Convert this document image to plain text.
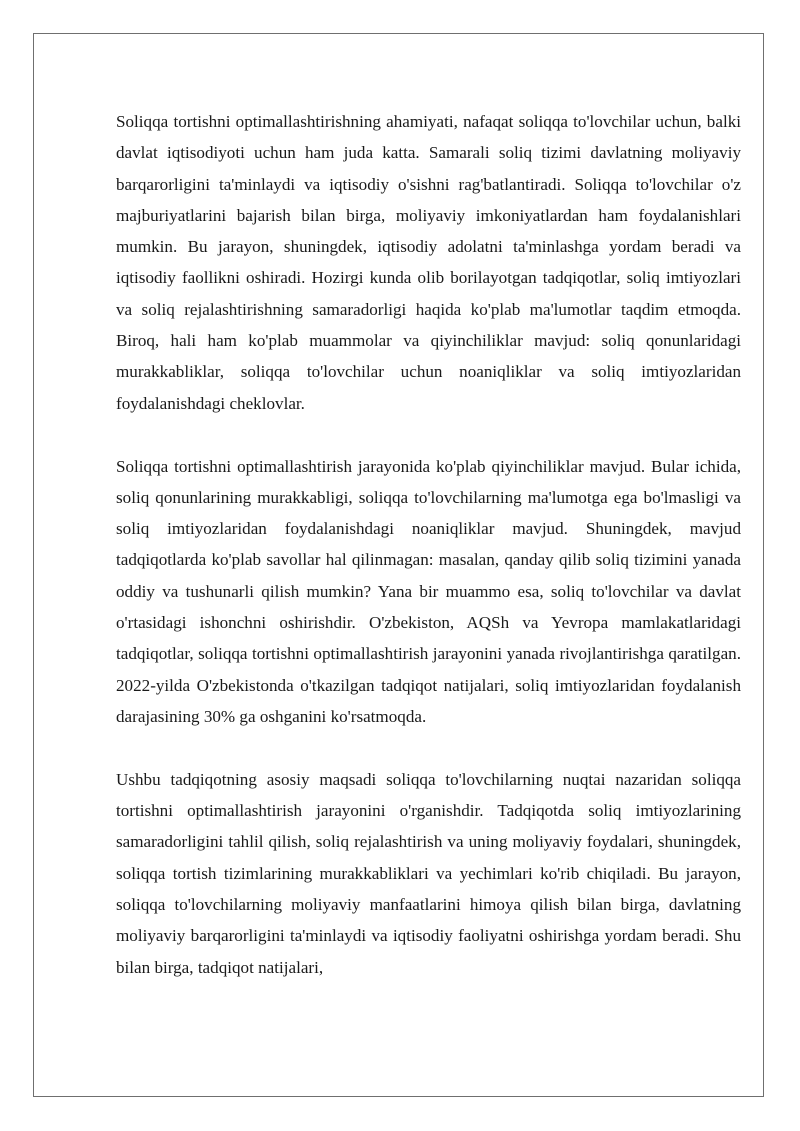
Soliqqa tortishni optimallashtirishning ahamiyati, nafaqat soliqqa to'lovchilar uchun, balki davlat iqtisodiyoti uchun ham juda katta. Samarali soliq tizimi davlatning moliyaviy barqarorligini ta'minlaydi va iqtisodiy o'sishni rag'batlantiradi. Soliqqa to'lovchilar o'z majburiyatlarini bajarish bilan birga, moliyaviy imkoniyatlardan ham foydalanishlari mumkin. Bu jarayon, shuningdek, iqtisodiy adolatni ta'minlashga yordam beradi va iqtisodiy faollikni oshiradi. Hozirgi kunda olib borilayotgan tadqiqotlar, soliq imtiyozlari va soliq rejalashtirishning samaradorligi haqida ko'plab ma'lumotlar taqdim etmoqda. Biroq, hali ham ko'plab muammolar va qiyinchiliklar mavjud: soliq qonunlaridagi murakkabliklar, soliqqa to'lovchilar uchun noaniqliklar va soliq imtiyozlaridan foydalanishdagi cheklovlar.

Soliqqa tortishni optimallashtirish jarayonida ko'plab qiyinchiliklar mavjud. Bular ichida, soliq qonunlarining murakkabligi, soliqqa to'lovchilarning ma'lumotga ega bo'lmasligi va soliq imtiyozlaridan foydalanishdagi noaniqliklar mavjud. Shuningdek, mavjud tadqiqotlarda ko'plab savollar hal qilinmagan: masalan, qanday qilib soliq tizimini yanada oddiy va tushunarli qilish mumkin? Yana bir muammo esa, soliq to'lovchilar va davlat o'rtasidagi ishonchni oshirishdir. O'zbekiston, AQSh va Yevropa mamlakatlaridagi tadqiqotlar, soliqqa tortishni optimallashtirish jarayonini yanada rivojlantirishga qaratilgan. 2022-yilda O'zbekistonda o'tkazilgan tadqiqot natijalari, soliq imtiyozlaridan foydalanish darajasining 30% ga oshganini ko'rsatmoqda.

Ushbu tadqiqotning asosiy maqsadi soliqqa to'lovchilarning nuqtai nazaridan soliqqa tortishni optimallashtirish jarayonini o'rganishdir. Tadqiqotda soliq imtiyozlarining samaradorligini tahlil qilish, soliq rejalashtirish va uning moliyaviy foydalari, shuningdek, soliqqa tortish tizimlarining murakkabliklari va yechimlari ko'rib chiqiladi. Bu jarayon, soliqqa to'lovchilarning moliyaviy manfaatlarini himoya qilish bilan birga, davlatning moliyaviy barqarorligini ta'minlaydi va iqtisodiy faoliyatni oshirishga yordam beradi. Shu bilan birga, tadqiqot natijalari,
